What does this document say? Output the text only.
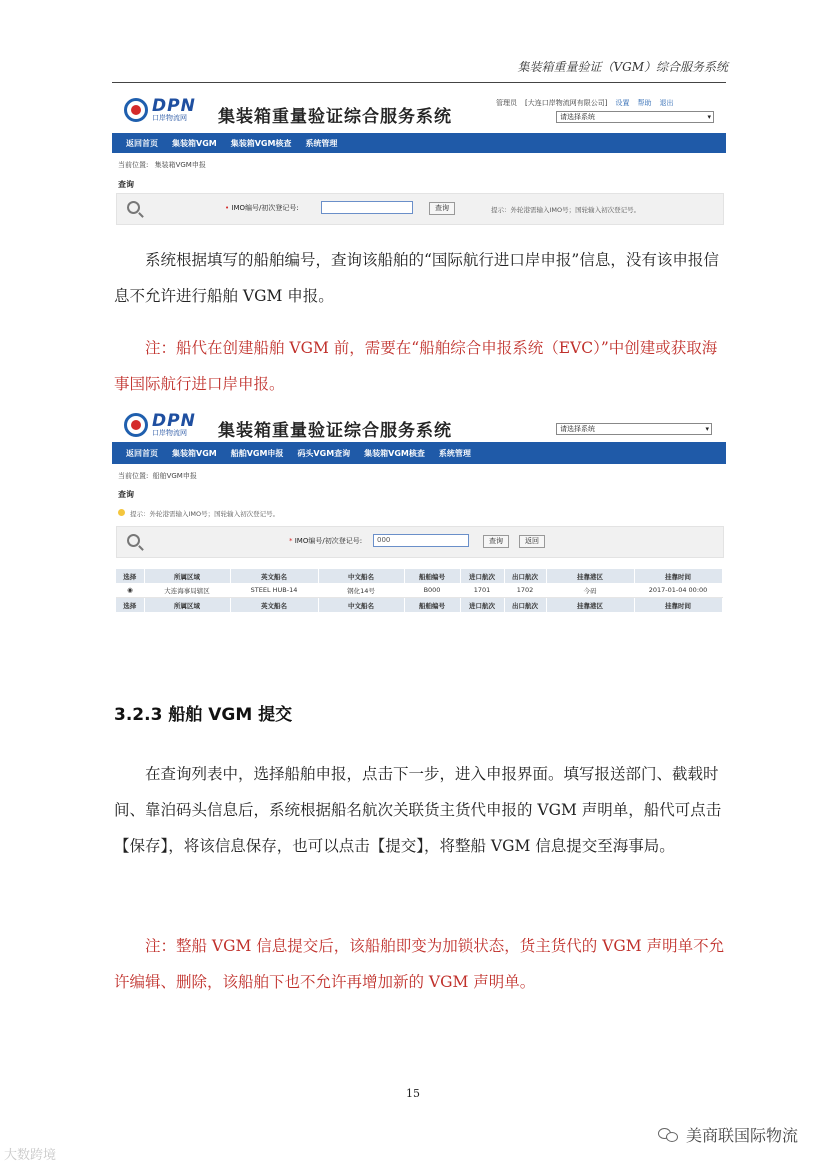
集装箱重量验证（VGM）综合服务系统
DPN
口岸物流网	集装箱重量验证综合服务系统
管理员 [大连口岸物流网有限公司] 设置 帮助 退出
请选择系统	▾
返回首页 集装箱VGM 集装箱VGM核查 系统管理
当前位置: 集装箱VGM申报
查询
• IMO编号/初次登记号:	查询	提示：外轮港需输入IMO号；国轮输入初次登记号。
系统根据填写的船舶编号，查询该船舶的“国际航行进口岸申报”信息，没有该申报信息不允许进行船舶 VGM 申报。
注：船代在创建船舶 VGM 前，需要在“船舶综合申报系统（EVC）”中创建或获取海事国际航行进口岸申报。
DPN
口岸物流网	集装箱重量验证综合服务系统	请选择系统	▾
返回首页 集装箱VGM 船舶VGM申报 码头VGM查询 集装箱VGM核查 系统管理
当前位置: 船舶VGM申报
查询
提示：外轮港需输入IMO号；国轮输入初次登记号。
* IMO编号/初次登记号:	000	查询	返回
选择	所属区域	英文船名	中文船名	船舶编号	进口航次	出口航次	挂靠港区	挂靠时间
◉	大连海事局辖区	STEEL HUB-14	钢化14号	B000	1701	1702	今码	2017-01-04 00:00
选择	所属区域	英文船名	中文船名	船舶编号	进口航次	出口航次	挂靠港区	挂靠时间
3.2.3 船舶 VGM 提交
在查询列表中，选择船舶申报，点击下一步，进入申报界面。填写报送部门、截载时间、靠泊码头信息后，系统根据船名航次关联货主货代申报的 VGM 声明单，船代可点击【保存】，将该信息保存，也可以点击【提交】，将整船 VGM 信息提交至海事局。
注：整船 VGM 信息提交后，该船舶即变为加锁状态，货主货代的 VGM 声明单不允许编辑、删除，该船舶下也不允许再增加新的 VGM 声明单。
15
大数跨境
美商联国际物流
